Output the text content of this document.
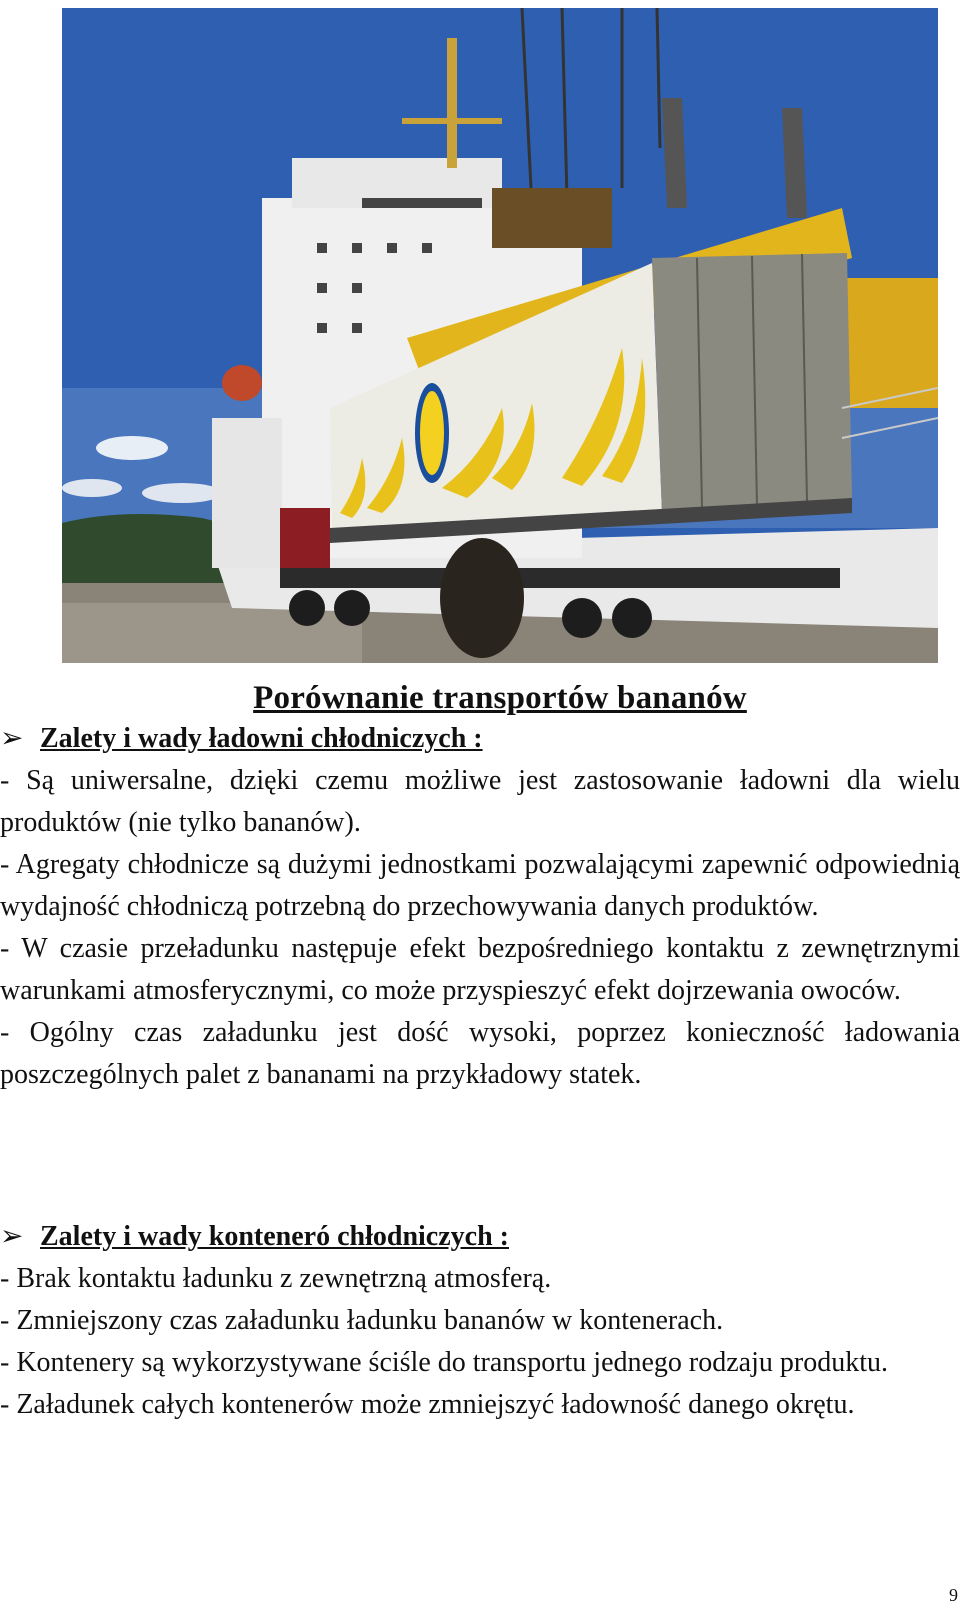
Porównanie transportów bananów
➢ Zalety i wady ładowni chłodniczych :

- Są uniwersalne, dzięki czemu możliwe jest zastosowanie ładowni dla wielu produktów (nie tylko bananów).

- Agregaty chłodnicze są dużymi jednostkami pozwalającymi zapewnić odpowiednią wydajność chłodniczą potrzebną do przechowywania danych produktów.

- W czasie przeładunku następuje efekt bezpośredniego kontaktu z zewnętrznymi warunkami atmosferycznymi, co może przyspieszyć efekt dojrzewania owoców.

- Ogólny czas załadunku jest dość wysoki, poprzez konieczność ładowania poszczególnych palet z bananami na przykładowy statek.

➢ Zalety i wady konteneró chłodniczych :

- Brak kontaktu ładunku z zewnętrzną atmosferą.

- Zmniejszony czas załadunku ładunku bananów w kontenerach.

- Kontenery są wykorzystywane ściśle do transportu jednego rodzaju produktu.

- Załadunek całych kontenerów może zmniejszyć ładowność danego okrętu.

9
